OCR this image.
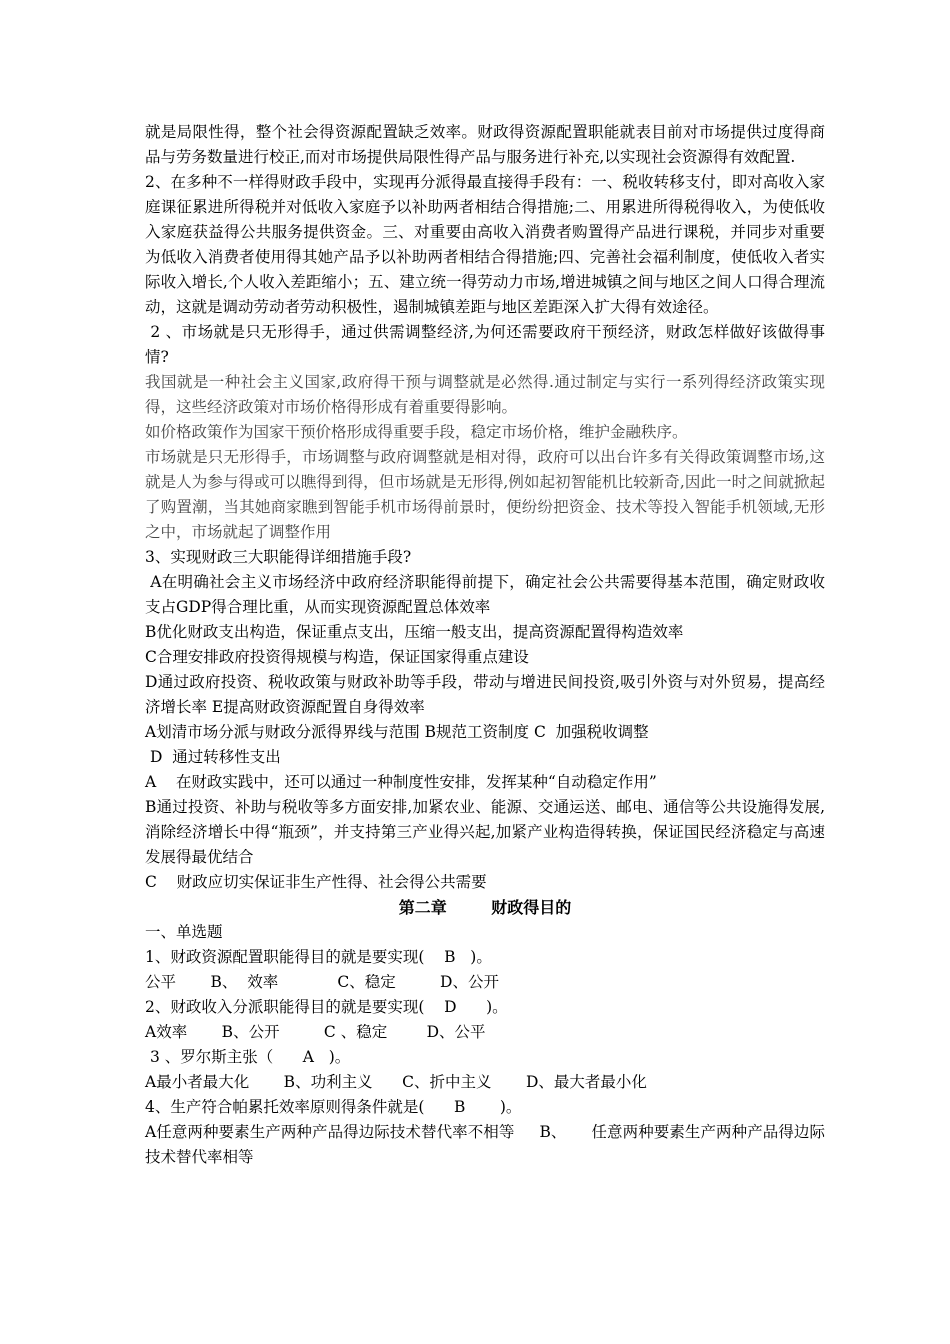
就是局限性得，整个社会得资源配置缺乏效率。财政得资源配置职能就表目前对市场提供过度得商品与劳务数量进行校正,而对市场提供局限性得产品与服务进行补充,以实现社会资源得有效配置.

2、在多种不一样得财政手段中，实现再分派得最直接得手段有：一、税收转移支付，即对高收入家庭课征累进所得税并对低收入家庭予以补助两者相结合得措施;二、用累进所得税得收入，为使低收入家庭获益得公共服务提供资金。三、对重要由高收入消费者购置得产品进行课税，并同步对重要为低收入消费者使用得其她产品予以补助两者相结合得措施;四、完善社会福利制度，使低收入者实际收入增长,个人收入差距缩小；五、建立统一得劳动力市场,增进城镇之间与地区之间人口得合理流动，这就是调动劳动者劳动积极性，遏制城镇差距与地区差距深入扩大得有效途径。

2 、市场就是只无形得手，通过供需调整经济,为何还需要政府干预经济，财政怎样做好该做得事情?

我国就是一种社会主义国家,政府得干预与调整就是必然得.通过制定与实行一系列得经济政策实现得，这些经济政策对市场价格得形成有着重要得影响。

如价格政策作为国家干预价格形成得重要手段，稳定市场价格，维护金融秩序。

市场就是只无形得手，市场调整与政府调整就是相对得，政府可以出台许多有关得政策调整市场,这就是人为参与得或可以瞧得到得，但市场就是无形得,例如起初智能机比较新奇,因此一时之间就掀起了购置潮，当其她商家瞧到智能手机市场得前景时，便纷纷把资金、技术等投入智能手机领域,无形之中，市场就起了调整作用

3、实现财政三大职能得详细措施手段?

A在明确社会主义市场经济中政府经济职能得前提下，确定社会公共需要得基本范围，确定财政收支占GDP得合理比重，从而实现资源配置总体效率

B优化财政支出构造，保证重点支出，压缩一般支出，提高资源配置得构造效率

C合理安排政府投资得规模与构造，保证国家得重点建设

D通过政府投资、税收政策与财政补助等手段，带动与增进民间投资,吸引外资与对外贸易，提高经济增长率 E提高财政资源配置自身得效率

A划清市场分派与财政分派得界线与范围 B规范工资制度 C  加强税收调整

D  通过转移性支出

A    在财政实践中，还可以通过一种制度性安排，发挥某种“自动稳定作用”

B通过投资、补助与税收等多方面安排,加紧农业、能源、交通运送、邮电、通信等公共设施得发展,消除经济增长中得“瓶颈”，并支持第三产业得兴起,加紧产业构造得转换，保证国民经济稳定与高速发展得最优结合

C    财政应切实保证非生产性得、社会得公共需要

第二章        财政得目的

一、单选题

1、财政资源配置职能得目的就是要实现(    B   )。

公平       B、  效率            C、稳定         D、公开

2、财政收入分派职能得目的就是要实现(    D      )。

A效率       B、公开         C 、稳定        D、公平

3 、罗尔斯主张（      A   )。

A最小者最大化       B、功利主义      C、折中主义       D、最大者最小化

4、生产符合帕累托效率原则得条件就是(      B       )。

A任意两种要素生产两种产品得边际技术替代率不相等     B、     任意两种要素生产两种产品得边际技术替代率相等
